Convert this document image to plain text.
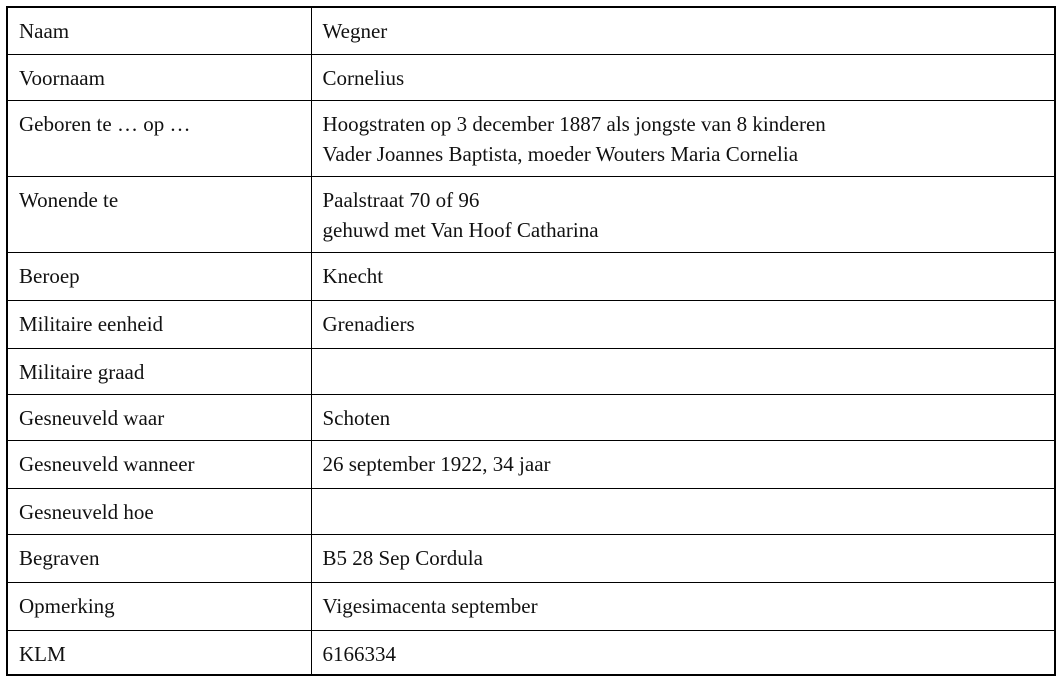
Naam	Wegner

Voornaam	Cornelius

Geboren te … op …	Hoogstraten op 3 december 1887 als jongste van 8 kinderen
Vader Joannes Baptista, moeder Wouters Maria Cornelia

Wonende te	Paalstraat 70 of 96
gehuwd met Van Hoof Catharina

Beroep	Knecht

Militaire eenheid	Grenadiers

Militaire graad	

Gesneuveld waar	Schoten

Gesneuveld wanneer	26 september 1922, 34 jaar

Gesneuveld hoe	

Begraven	B5 28 Sep Cordula

Opmerking	Vigesimacenta september

KLM	6166334
